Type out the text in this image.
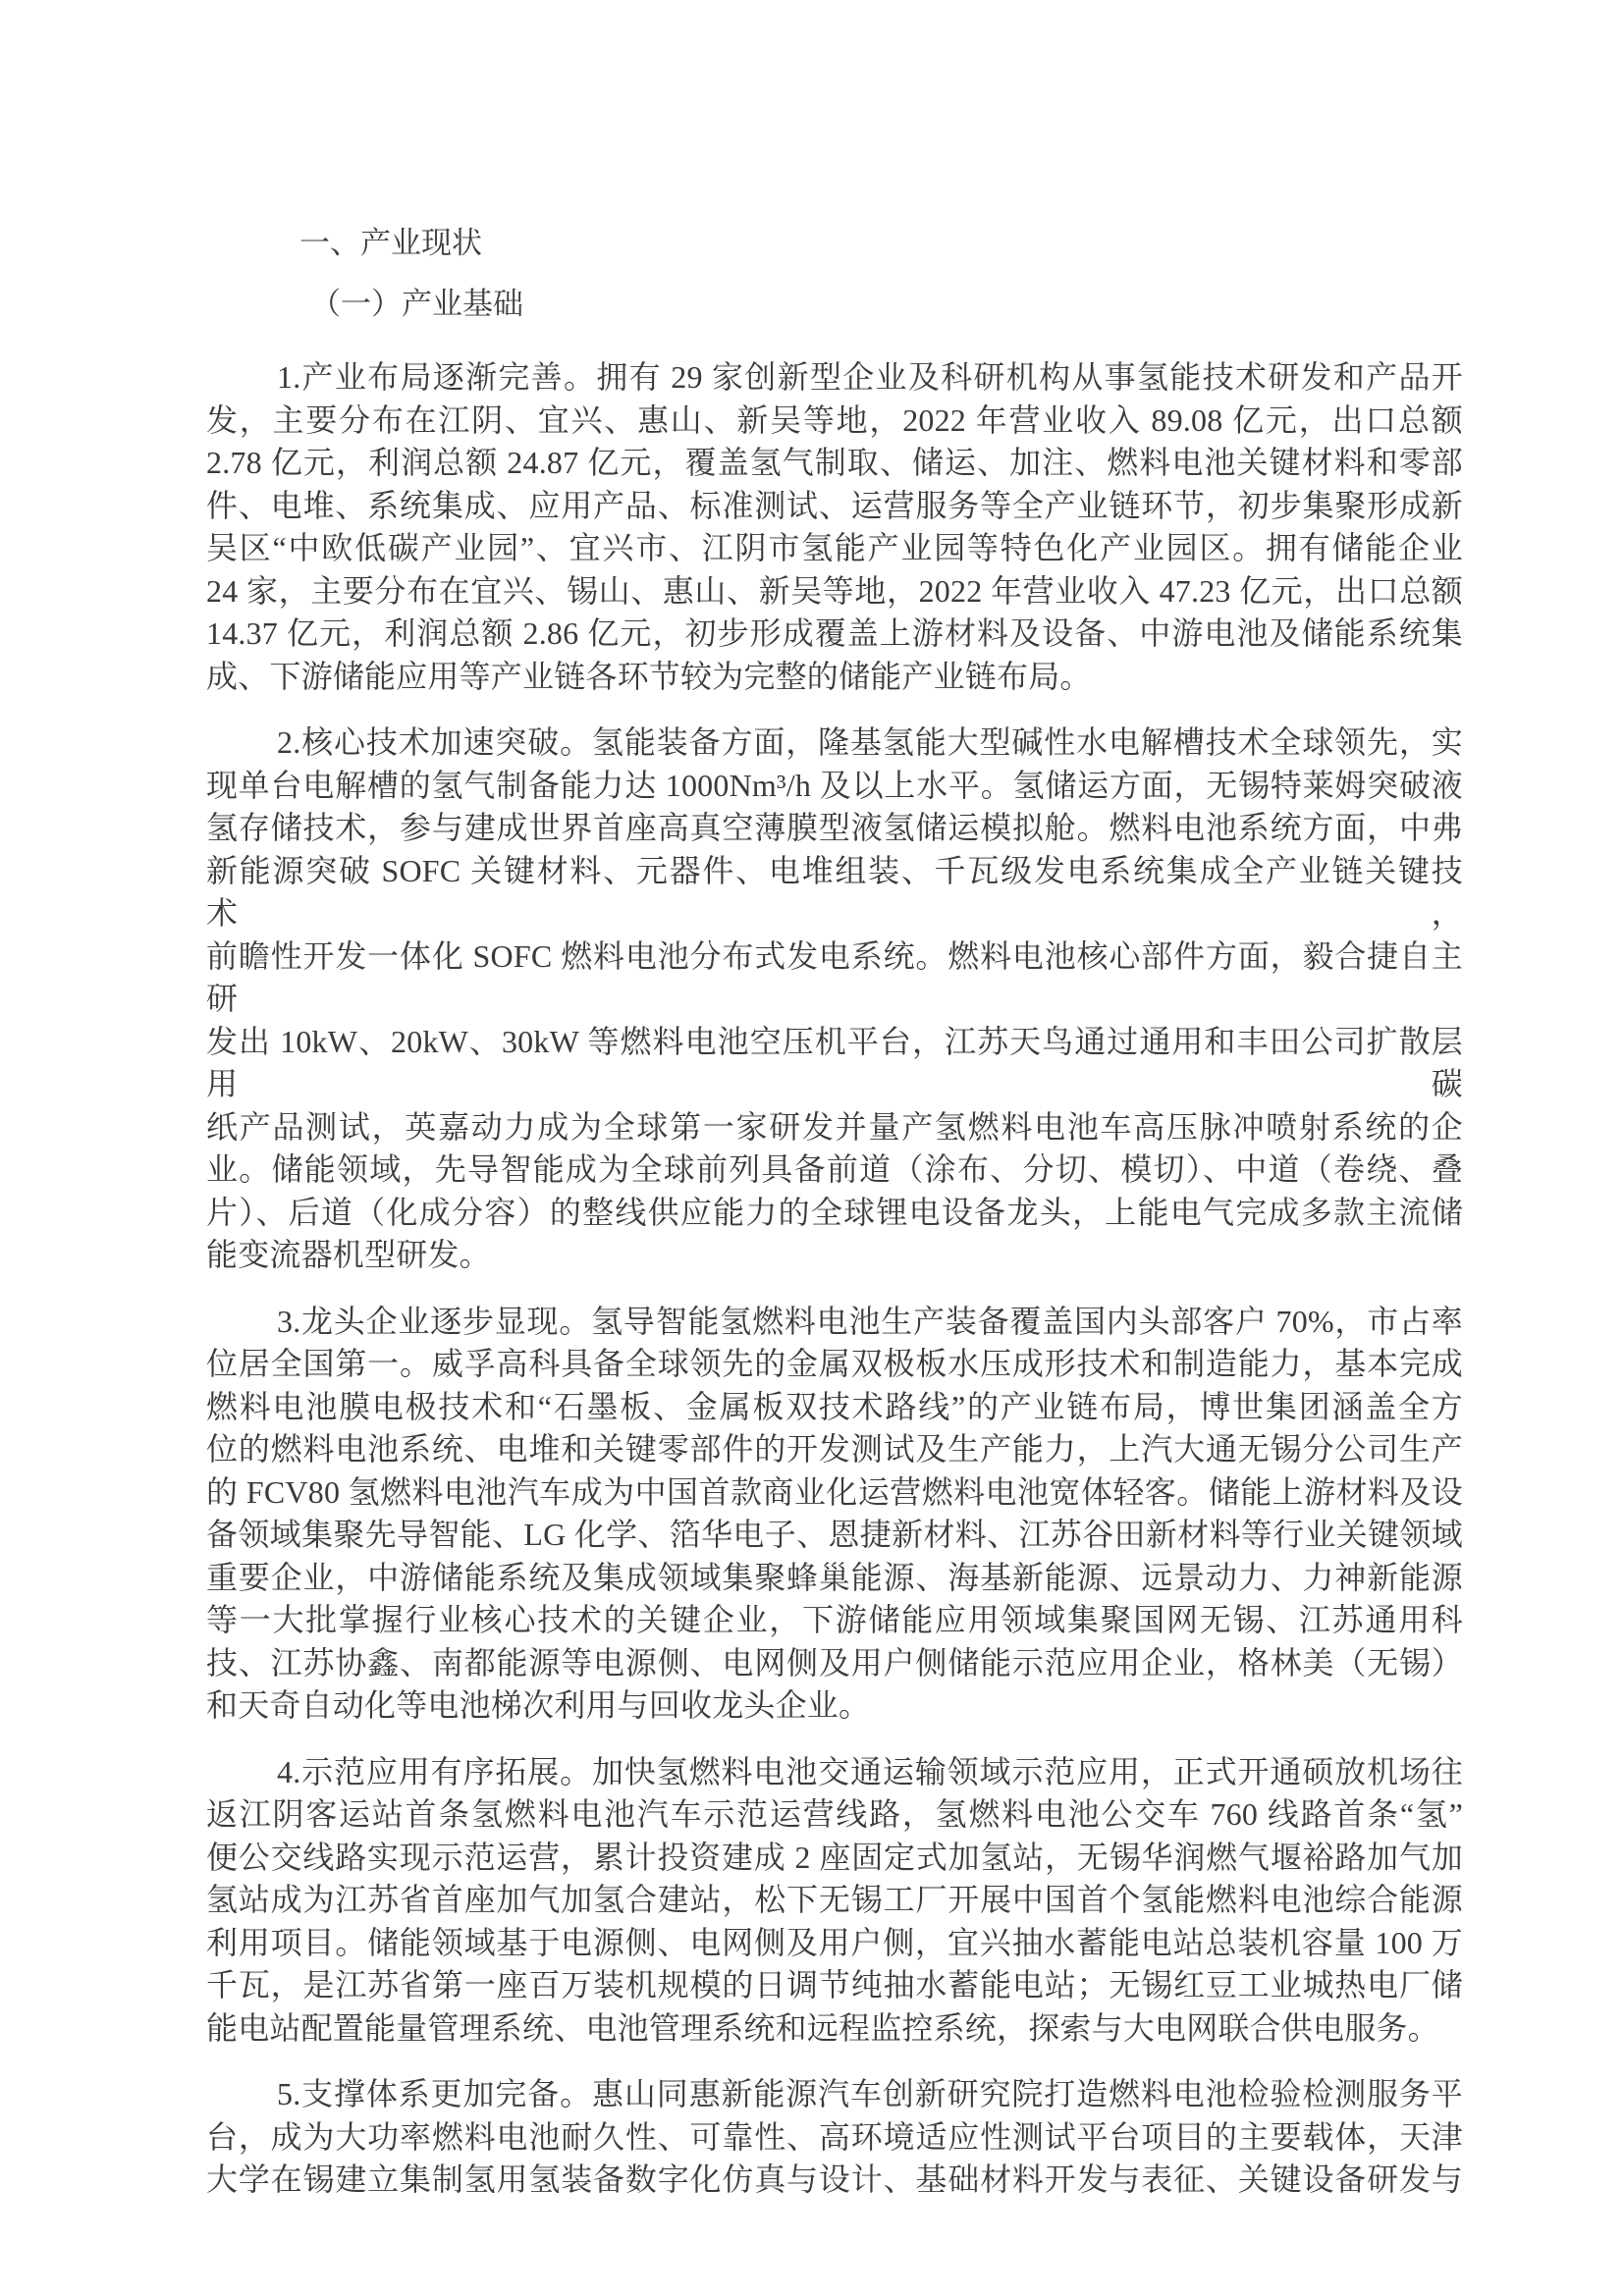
一、产业现状

（一）产业基础

1.产业布局逐渐完善。拥有 29 家创新型企业及科研机构从事氢能技术研发和产品开
发，主要分布在江阴、宜兴、惠山、新吴等地，2022 年营业收入 89.08 亿元，出口总额
2.78 亿元，利润总额 24.87 亿元，覆盖氢气制取、储运、加注、燃料电池关键材料和零部
件、电堆、系统集成、应用产品、标准测试、运营服务等全产业链环节，初步集聚形成新
吴区“中欧低碳产业园”、宜兴市、江阴市氢能产业园等特色化产业园区。拥有储能企业
24 家，主要分布在宜兴、锡山、惠山、新吴等地，2022 年营业收入 47.23 亿元，出口总额
14.37 亿元，利润总额 2.86 亿元，初步形成覆盖上游材料及设备、中游电池及储能系统集
成、下游储能应用等产业链各环节较为完整的储能产业链布局。
2.核心技术加速突破。氢能装备方面，隆基氢能大型碱性水电解槽技术全球领先，实
现单台电解槽的氢气制备能力达 1000Nm³/h 及以上水平。氢储运方面，无锡特莱姆突破液
氢存储技术，参与建成世界首座高真空薄膜型液氢储运模拟舱。燃料电池系统方面，中弗
新能源突破 SOFC 关键材料、元器件、电堆组装、千瓦级发电系统集成全产业链关键技术，
前瞻性开发一体化 SOFC 燃料电池分布式发电系统。燃料电池核心部件方面，毅合捷自主研
发出 10kW、20kW、30kW 等燃料电池空压机平台，江苏天鸟通过通用和丰田公司扩散层用碳
纸产品测试，英嘉动力成为全球第一家研发并量产氢燃料电池车高压脉冲喷射系统的企
业。储能领域，先导智能成为全球前列具备前道（涂布、分切、模切）、中道（卷绕、叠
片）、后道（化成分容）的整线供应能力的全球锂电设备龙头，上能电气完成多款主流储
能变流器机型研发。
3.龙头企业逐步显现。氢导智能氢燃料电池生产装备覆盖国内头部客户 70%，市占率
位居全国第一。威孚高科具备全球领先的金属双极板水压成形技术和制造能力，基本完成
燃料电池膜电极技术和“石墨板、金属板双技术路线”的产业链布局，博世集团涵盖全方
位的燃料电池系统、电堆和关键零部件的开发测试及生产能力，上汽大通无锡分公司生产
的 FCV80 氢燃料电池汽车成为中国首款商业化运营燃料电池宽体轻客。储能上游材料及设
备领域集聚先导智能、LG 化学、箔华电子、恩捷新材料、江苏谷田新材料等行业关键领域
重要企业，中游储能系统及集成领域集聚蜂巢能源、海基新能源、远景动力、力神新能源
等一大批掌握行业核心技术的关键企业，下游储能应用领域集聚国网无锡、江苏通用科
技、江苏协鑫、南都能源等电源侧、电网侧及用户侧储能示范应用企业，格林美（无锡）
和天奇自动化等电池梯次利用与回收龙头企业。
4.示范应用有序拓展。加快氢燃料电池交通运输领域示范应用，正式开通硕放机场往
返江阴客运站首条氢燃料电池汽车示范运营线路，氢燃料电池公交车 760 线路首条“氢”
便公交线路实现示范运营，累计投资建成 2 座固定式加氢站，无锡华润燃气堰裕路加气加
氢站成为江苏省首座加气加氢合建站，松下无锡工厂开展中国首个氢能燃料电池综合能源
利用项目。储能领域基于电源侧、电网侧及用户侧，宜兴抽水蓄能电站总装机容量 100 万
千瓦，是江苏省第一座百万装机规模的日调节纯抽水蓄能电站；无锡红豆工业城热电厂储
能电站配置能量管理系统、电池管理系统和远程监控系统，探索与大电网联合供电服务。
5.支撑体系更加完备。惠山同惠新能源汽车创新研究院打造燃料电池检验检测服务平
台，成为大功率燃料电池耐久性、可靠性、高环境适应性测试平台项目的主要载体，天津
大学在锡建立集制氢用氢装备数字化仿真与设计、基础材料开发与表征、关键设备研发与
